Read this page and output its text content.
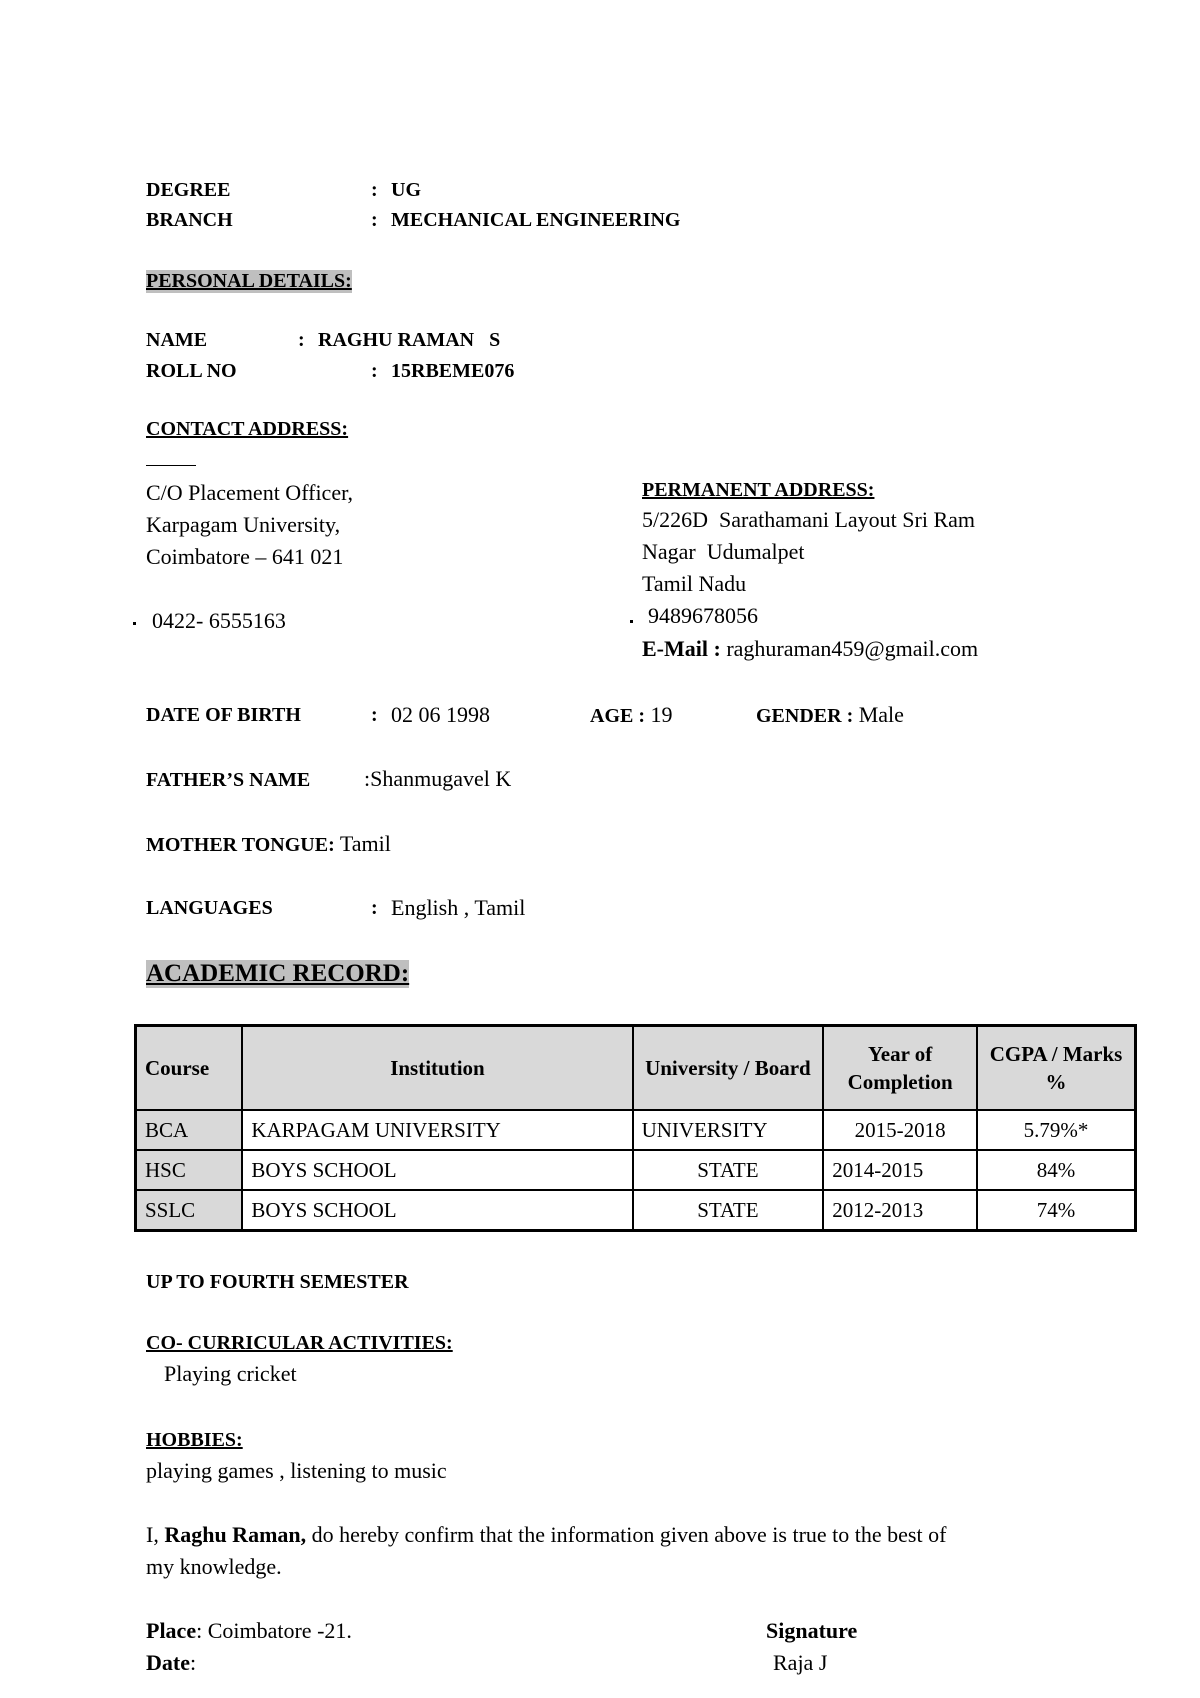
DEGREE	: UG
BRANCH	: MECHANICAL ENGINEERING
PERSONAL DETAILS:
NAME	: RAGHU RAMAN   S
ROLL NO	: 15RBEME076
CONTACT ADDRESS:
C/O Placement Officer,
Karpagam University,
Coimbatore – 641 021
0422- 6555163
PERMANENT ADDRESS:
5/226D  Sarathamani Layout Sri Ram
Nagar  Udumalpet
Tamil Nadu
9489678056
E-Mail : raghuraman459@gmail.com
DATE OF BIRTH	: 02 06 1998	AGE : 19	GENDER : Male
FATHER’S NAME :Shanmugavel K
MOTHER TONGUE: Tamil
LANGUAGES	: English , Tamil
ACADEMIC RECORD:
Course	Institution	University / Board	Year of Completion	CGPA / Marks %
BCA	KARPAGAM UNIVERSITY	UNIVERSITY	2015-2018	5.79%*
HSC	BOYS SCHOOL	STATE	2014-2015	84%
SSLC	BOYS SCHOOL	STATE	2012-2013	74%
UP TO FOURTH SEMESTER
CO- CURRICULAR ACTIVITIES:
Playing cricket
HOBBIES:
playing games , listening to music
I, Raghu Raman, do hereby confirm that the information given above is true to the best of
my knowledge.
Place: Coimbatore -21.
Date:
Signature
Raja J
